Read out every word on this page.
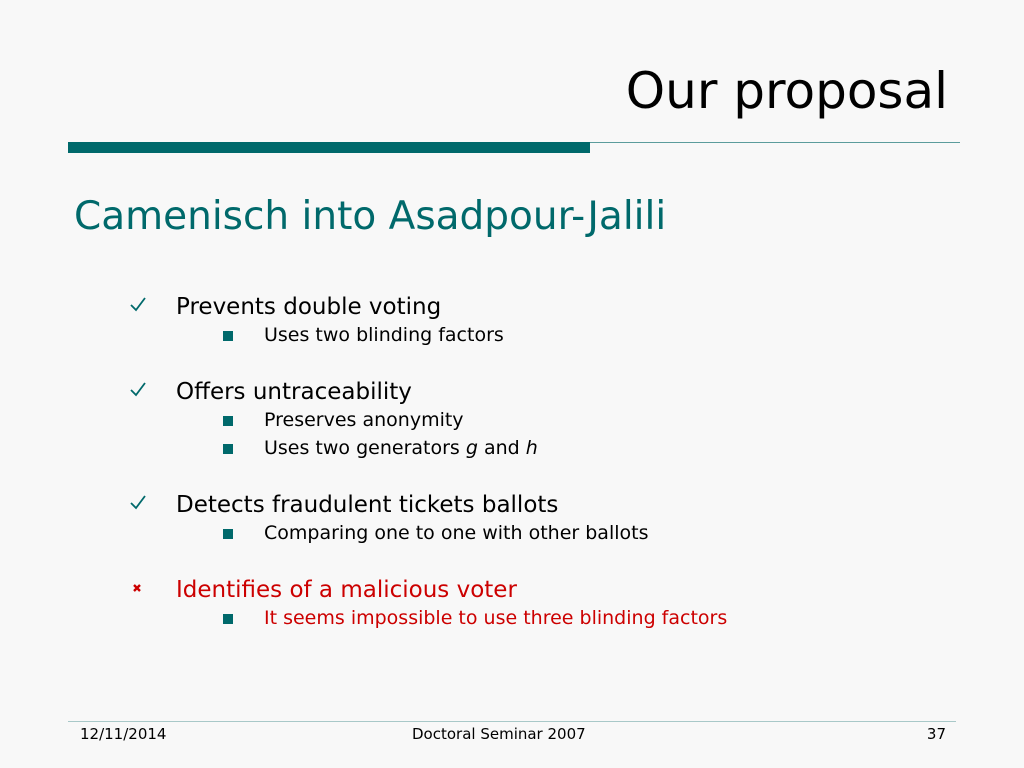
Our proposal
Camenisch into Asadpour-Jalili
Prevents double voting
Uses two blinding factors
Offers untraceability
Preserves anonymity
Uses two generators g and h
Detects fraudulent tickets ballots
Comparing one to one with other ballots
Identifies of a malicious voter
It seems impossible to use three blinding factors
12/11/2014	Doctoral Seminar 2007	37
